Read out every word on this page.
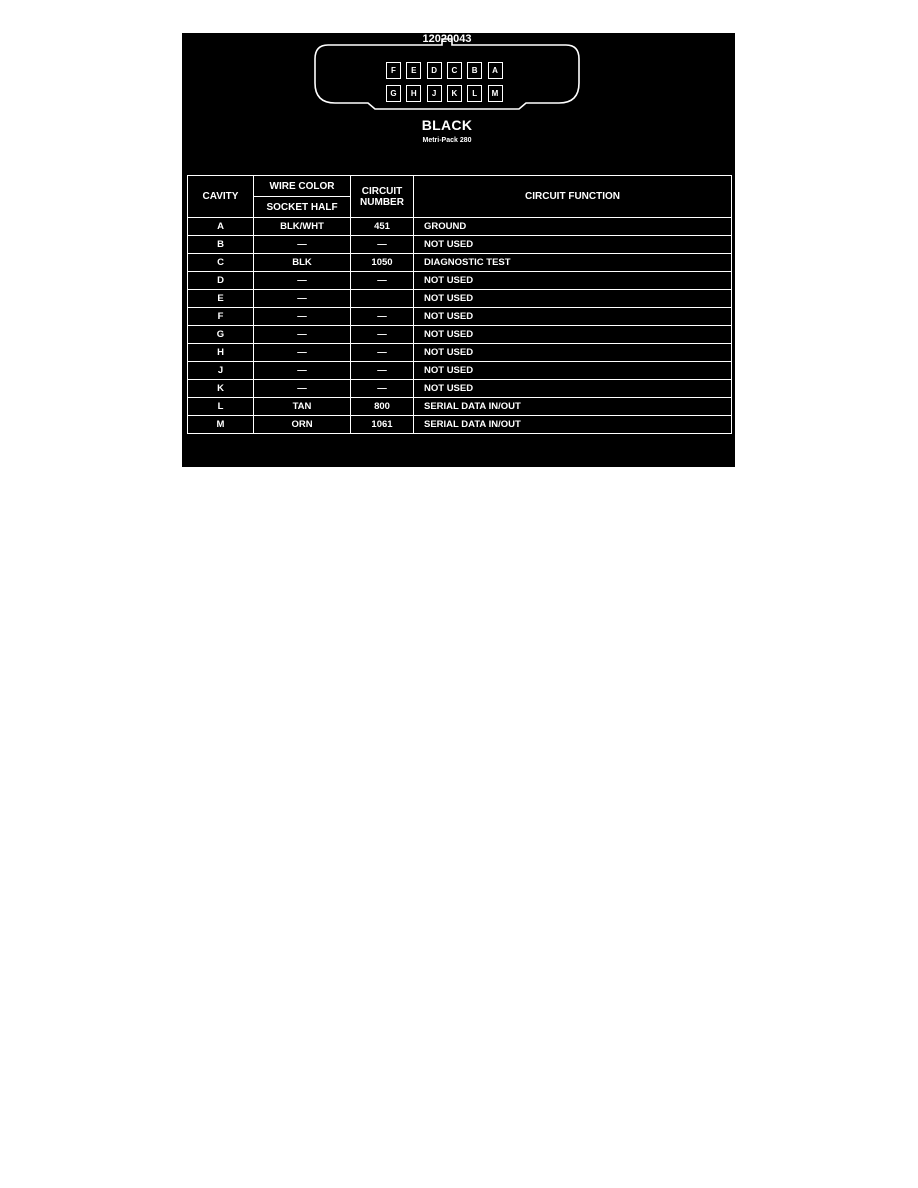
12020043
F	E	D	C	B	A
G	H	J	K	L	M
BLACK
Metri-Pack 280
CAVITY	WIRE COLOR	CIRCUIT NUMBER	CIRCUIT FUNCTION
	SOCKET HALF		
A	BLK/WHT	451	GROUND
B	—	—	NOT USED
C	BLK	1050	DIAGNOSTIC TEST
D	—	—	NOT USED
E	—		NOT USED
F	—	—	NOT USED
G	—	—	NOT USED
H	—	—	NOT USED
J	—	—	NOT USED
K	—	—	NOT USED
L	TAN	800	SERIAL DATA IN/OUT
M	ORN	1061	SERIAL DATA IN/OUT
